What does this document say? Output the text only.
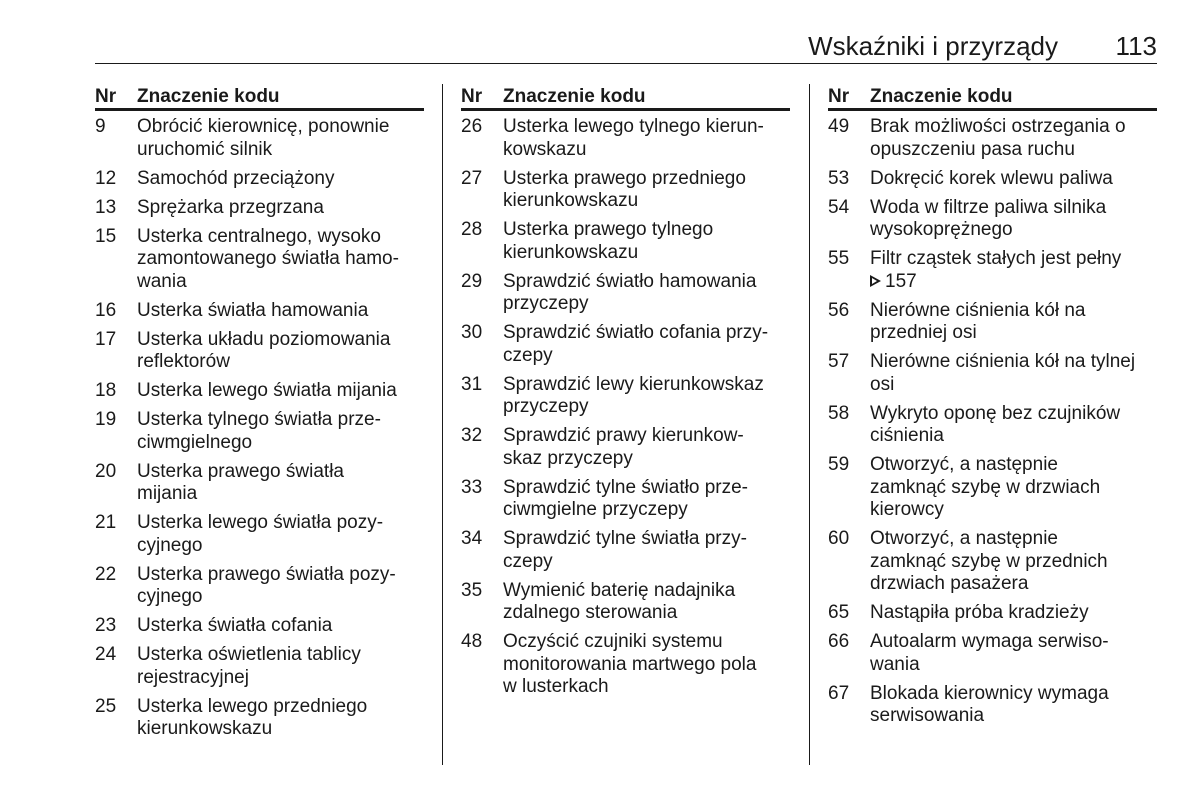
Wskaźniki i przyrządy 113
Nr	Znaczenie kodu
9	Obrócić kierownicę, ponownie
uruchomić silnik
12	Samochód przeciążony
13	Sprężarka przegrzana
15	Usterka centralnego, wysoko
zamontowanego światła hamo-
wania
16	Usterka światła hamowania
17	Usterka układu poziomowania
reflektorów
18	Usterka lewego światła mijania
19	Usterka tylnego światła prze-
ciwmgielnego
20	Usterka prawego światła
mijania
21	Usterka lewego światła pozy-
cyjnego
22	Usterka prawego światła pozy-
cyjnego
23	Usterka światła cofania
24	Usterka oświetlenia tablicy
rejestracyjnej
25	Usterka lewego przedniego
kierunkowskazu
Nr	Znaczenie kodu
26	Usterka lewego tylnego kierun-
kowskazu
27	Usterka prawego przedniego
kierunkowskazu
28	Usterka prawego tylnego
kierunkowskazu
29	Sprawdzić światło hamowania
przyczepy
30	Sprawdzić światło cofania przy-
czepy
31	Sprawdzić lewy kierunkowskaz
przyczepy
32	Sprawdzić prawy kierunkow-
skaz przyczepy
33	Sprawdzić tylne światło prze-
ciwmgielne przyczepy
34	Sprawdzić tylne światła przy-
czepy
35	Wymienić baterię nadajnika
zdalnego sterowania
48	Oczyścić czujniki systemu
monitorowania martwego pola
w lusterkach
Nr	Znaczenie kodu
49	Brak możliwości ostrzegania o
opuszczeniu pasa ruchu
53	Dokręcić korek wlewu paliwa
54	Woda w filtrze paliwa silnika
wysokoprężnego
55	Filtr cząstek stałych jest pełny
157
56	Nierówne ciśnienia kół na
przedniej osi
57	Nierówne ciśnienia kół na tylnej
osi
58	Wykryto oponę bez czujników
ciśnienia
59	Otworzyć, a następnie
zamknąć szybę w drzwiach
kierowcy
60	Otworzyć, a następnie
zamknąć szybę w przednich
drzwiach pasażera
65	Nastąpiła próba kradzieży
66	Autoalarm wymaga serwiso-
wania
67	Blokada kierownicy wymaga
serwisowania
